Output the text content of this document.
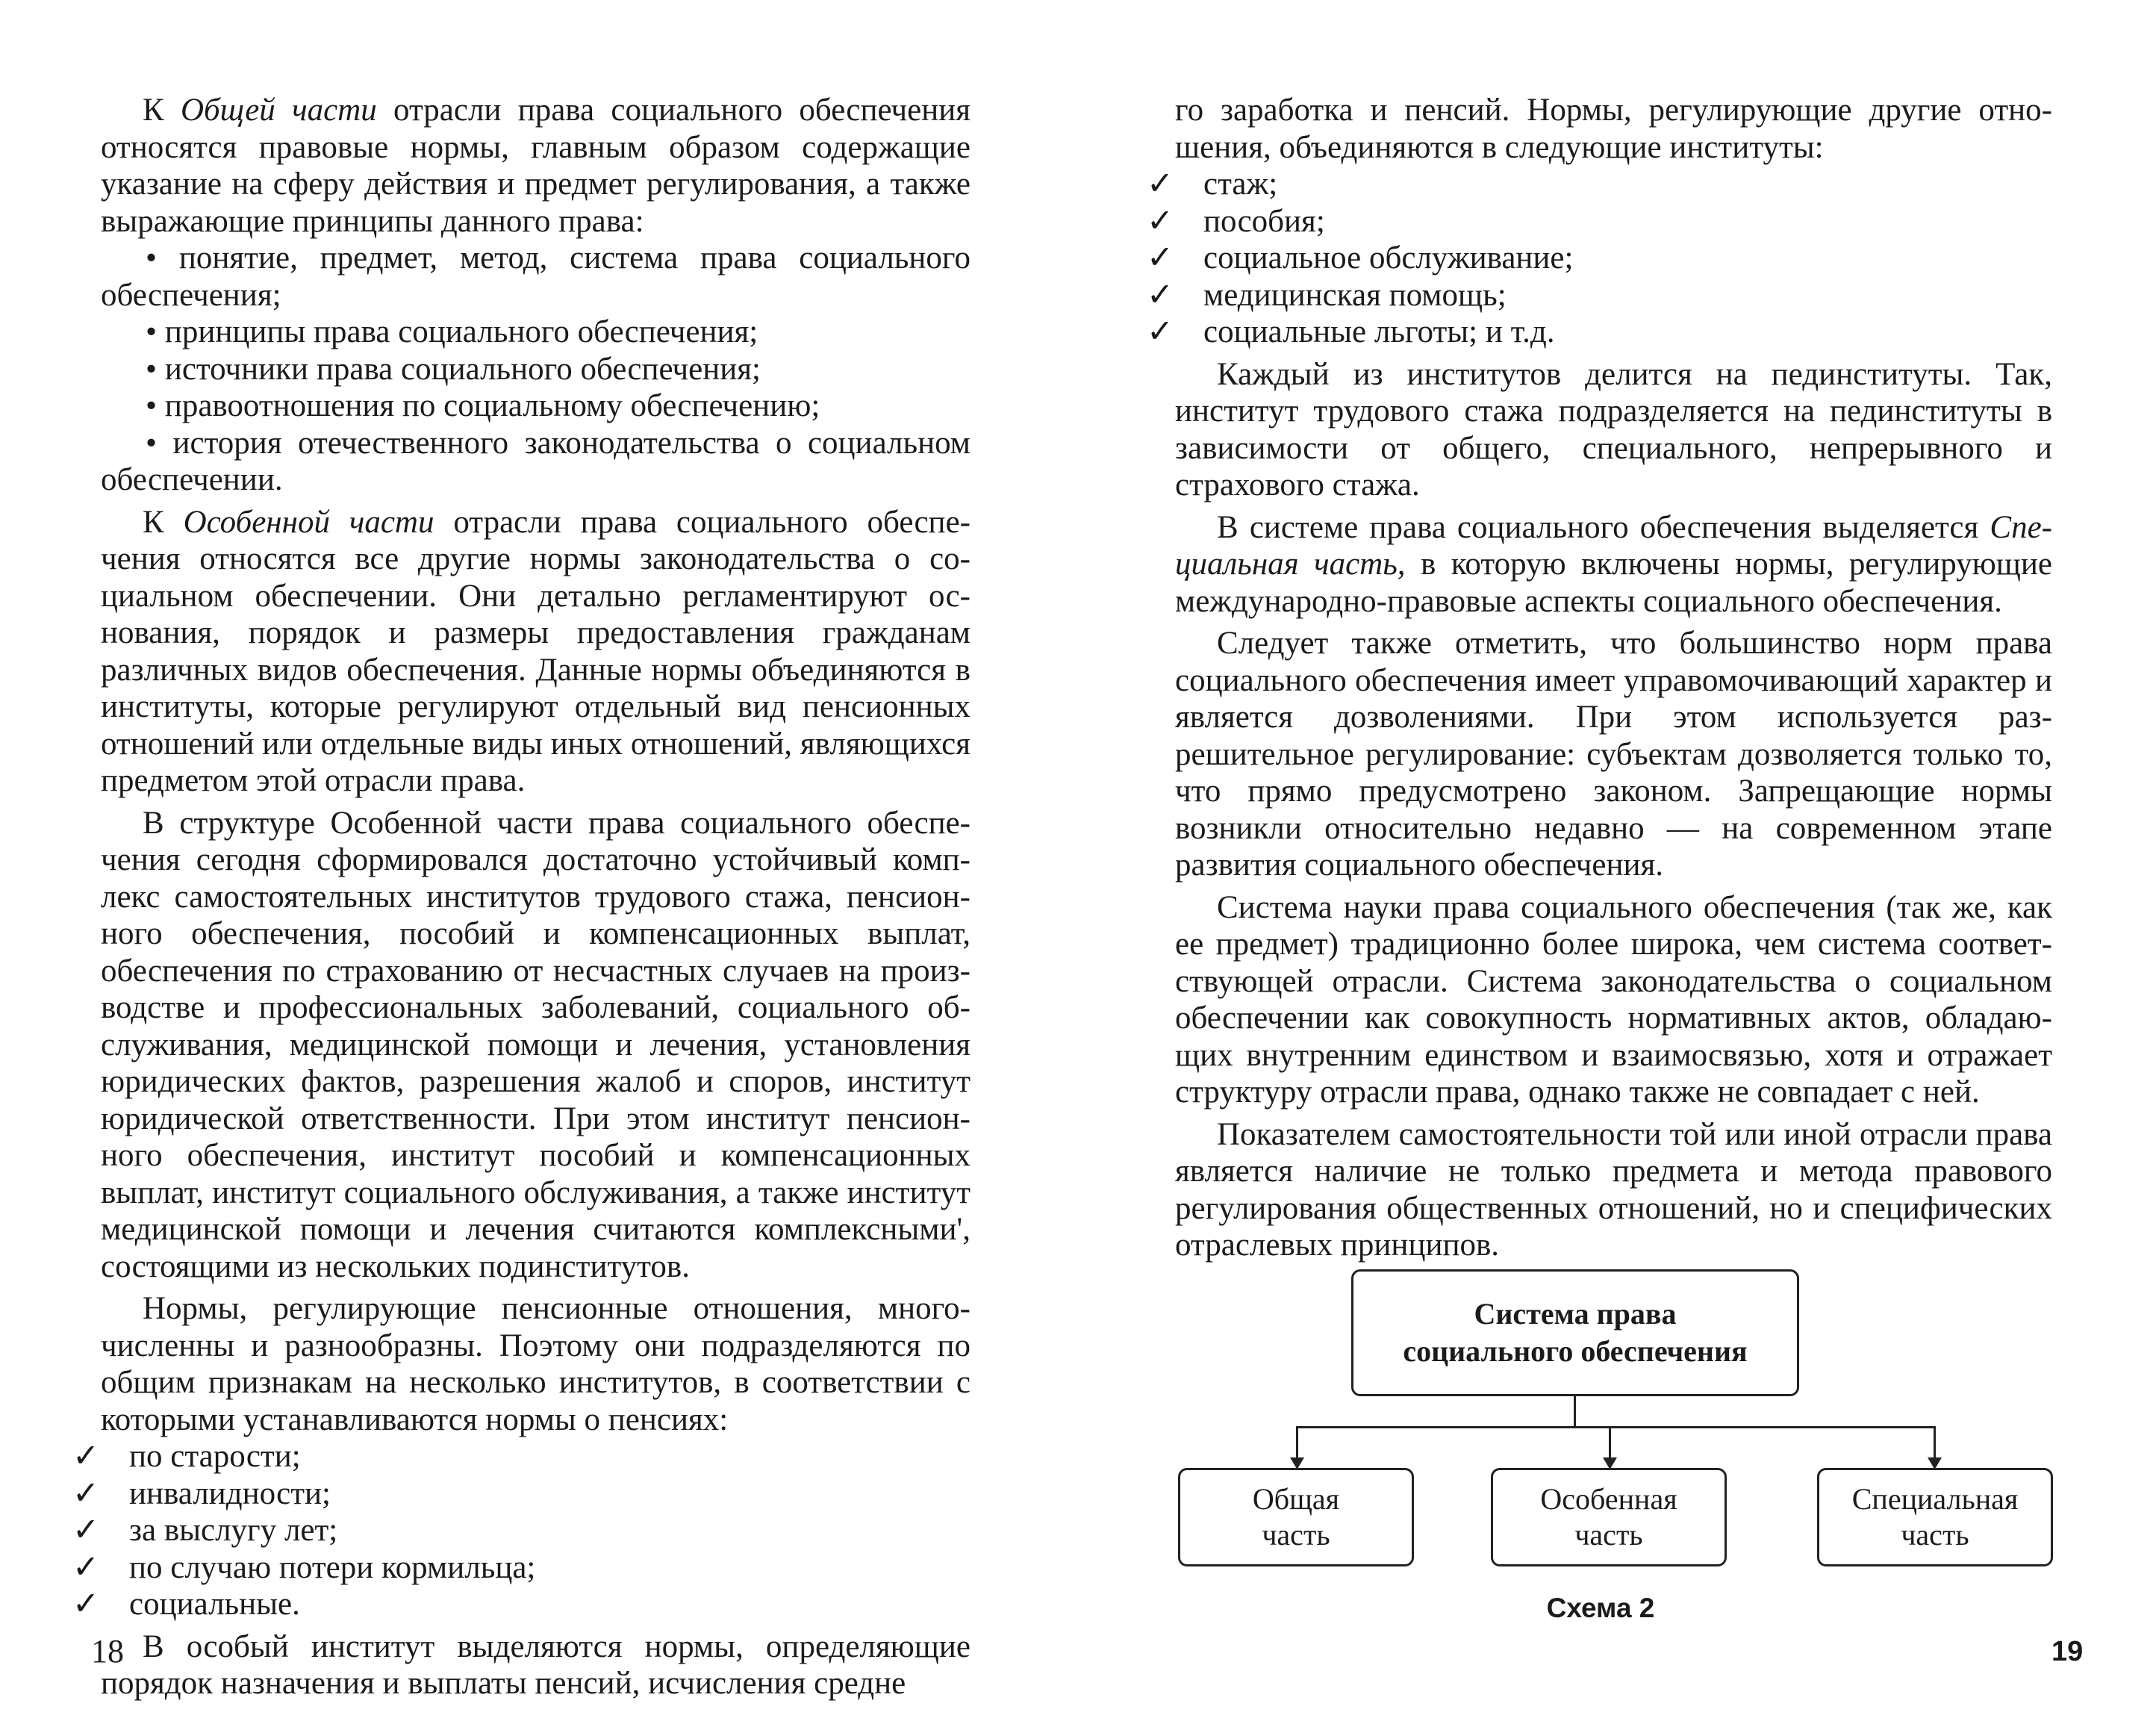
К Общей части отрасли права социального обеспечения относятся правовые нормы, главным образом содержащие указание на сферу действия и предмет регулирования, а также выражающие принципы данного права:

• понятие, предмет, метод, система права социального обеспечения;

• принципы права социального обеспечения;

• источники права социального обеспечения;

• правоотношения по социальному обеспечению;

• история отечественного законодательства о социальном обеспечении.

К Особенной части отрасли права социального обеспечения относятся все другие нормы законодательства о социальном обеспечении. Они детально регламентируют основания, порядок и размеры предоставления гражданам различных видов обеспечения. Данные нормы объединяются в институты, которые регулируют отдельный вид пенсионных отношений или отдельные виды иных отношений, являющихся предметом этой отрасли права.

В структуре Особенной части права социального обеспечения сегодня сформировался достаточно устойчивый комплекс самостоятельных институтов трудового стажа, пенсионного обеспечения, пособий и компенсационных выплат, обеспечения по страхованию от несчастных случаев на производстве и профессиональных заболеваний, социального обслуживания, медицинской помощи и лечения, установления юридических фактов, разрешения жалоб и споров, институт юридической ответственности. При этом институт пенсионного обеспечения, институт пособий и компенсационных выплат, институт социального обслуживания, а также институт медицинской помощи и лечения считаются комплексными', состоящими из нескольких подинститутов.

Нормы, регулирующие пенсионные отношения, многочисленны и разнообразны. Поэтому они подразделяются по общим признакам на несколько институтов, в соответствии с которыми устанавливаются нормы о пенсиях:

✓ по старости;

✓ инвалидности;

✓ за выслугу лет;

✓ по случаю потери кормильца;

✓ социальные.

В особый институт выделяются нормы, определяющие порядок назначения и выплаты пенсий, исчисления средне

18

го заработка и пенсий. Нормы, регулирующие другие отношения, объединяются в следующие институты:

✓ стаж;

✓ пособия;

✓ социальное обслуживание;

✓ медицинская помощь;

✓ социальные льготы; и т.д.

Каждый из институтов делится на пединституты. Так, институт трудового стажа подразделяется на пединституты в зависимости от общего, специального, непрерывного и страхового стажа.

В системе права социального обеспечения выделяется Специальная часть, в которую включены нормы, регулирующие международно-правовые аспекты социального обеспечения.

Следует также отметить, что большинство норм права социального обеспечения имеет управомочивающий характер и является дозволениями. При этом используется разрешительное регулирование: субъектам дозволяется только то, что прямо предусмотрено законом. Запрещающие нормы возникли относительно недавно — на современном этапе развития социального обеспечения.

Система науки права социального обеспечения (так же, как ее предмет) традиционно более широка, чем система соответствующей отрасли. Система законодательства о социальном обеспечении как совокупность нормативных актов, обладающих внутренним единством и взаимосвязью, хотя и отражает структуру отрасли права, однако также не совпадает с ней.

Показателем самостоятельности той или иной отрасли права является наличие не только предмета и метода правового регулирования общественных отношений, но и специфических отраслевых принципов.

Система права
социального обеспечения
Общая
часть
Особенная
часть
Специальная
часть
Схема 2
19
